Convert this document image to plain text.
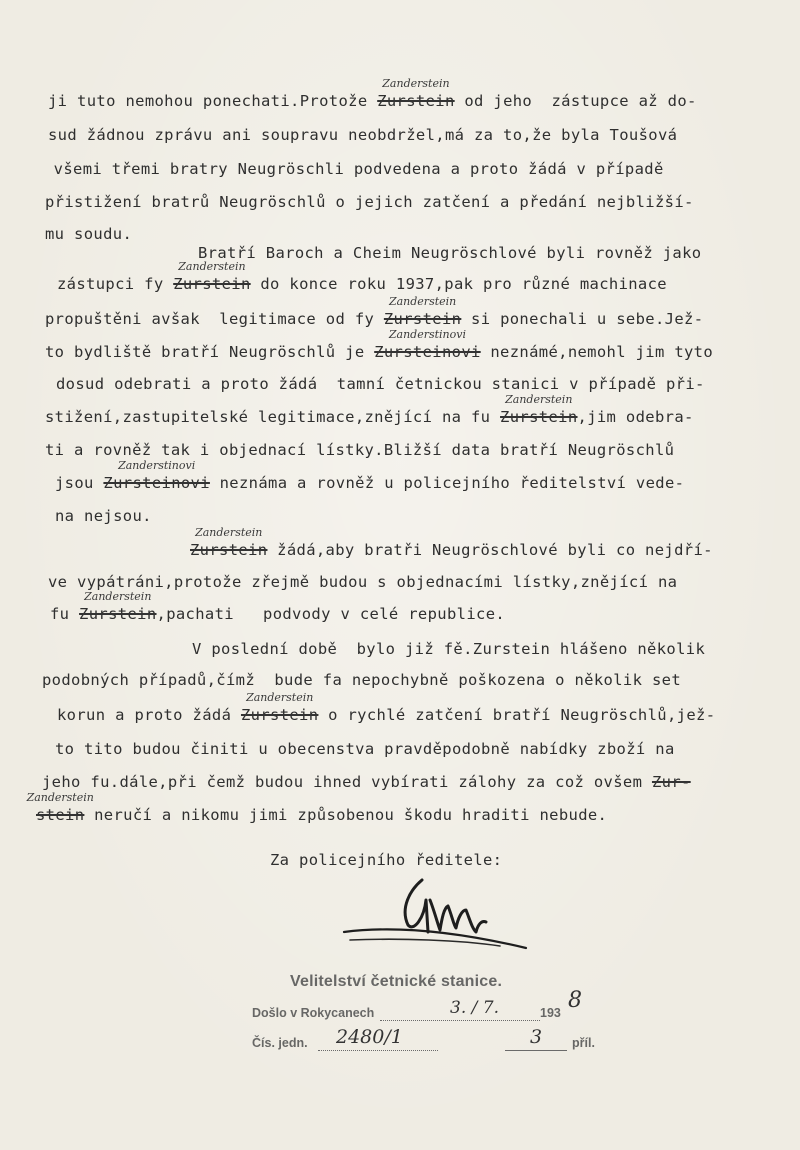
ji tuto nemohou ponechati.Protože Zurstein
Zanderstein
od jeho  zástupce až do-
sud žádnou zprávu ani soupravu neobdržel,má za to,že byla Toušová
všemi třemi bratry Neugröschli podvedena a proto žádá v případě
přistižení bratrů Neugröschlů o jejich zatčení a předání nejbližší-
mu soudu.
Bratří Baroch a Cheim Neugröschlové byli rovněž jako
zástupci fy Zurstein
Zanderstein
do konce roku 1937,pak pro různé machinace
propuštěni avšak  legitimace od fy Zurstein
Zanderstein
si ponechali u sebe.Jež-
to bydliště bratří Neugröschlů je Zursteinovi
Zanderstinovi
neznámé,nemohl jim tyto
dosud odebrati a proto žádá  tamní četnickou stanici v případě při-
stižení,zastupitelské legitimace,znějící na fu Zurstein
Zanderstein
,jim odebra-
ti a rovněž tak i objednací lístky.Bližší data bratří Neugröschlů
jsou Zursteinovi
Zanderstinovi
neznáma a rovněž u policejního ředitelství vede-
na nejsou.
Zurstein
Zanderstein
žádá,aby bratři Neugröschlové byli co nejdří-
ve vypátráni,protože zřejmě budou s objednacími lístky,znějící na
fu Zurstein
Zanderstein
,pachati   podvody v celé republice.
V poslední době  bylo již fě.Zurstein hlášeno několik
podobných případů,čímž  bude fa nepochybně poškozena o několik set
korun a proto žádá Zurstein
Zanderstein
o rychlé zatčení bratří Neugröschlů,jež-
to tito budou činiti u obecenstva pravděpodobně nabídky zboží na
jeho fu.dále,při čemž budou ihned vybírati zálohy za což ovšem Zur-
stein
Zanderstein
neručí a nikomu jimi způsobenou škodu hraditi nebude.
Za policejního ředitele:
Velitelství četnické stanice.
Došlo v Rokycanech	3. / 7.	193 8
Čís. jedn. 2480/1	3 příl.
